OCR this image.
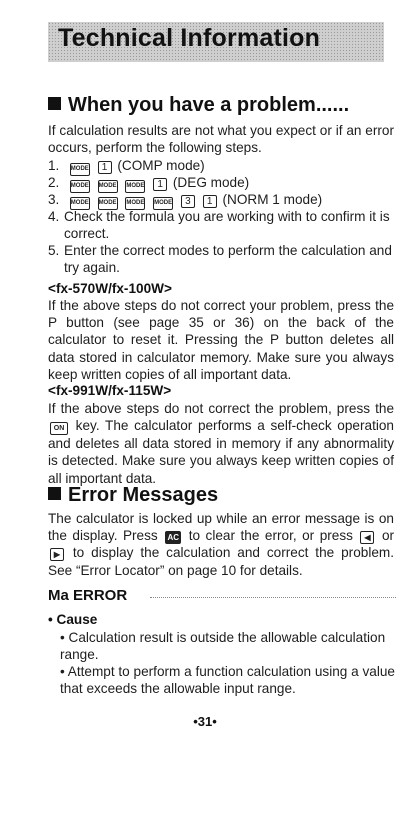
Technical Information
When you have a problem......
If calculation results are not what you expect or if an error occurs, perform the following steps.
1. MODE 1 (COMP mode)
2. MODE MODE MODE 1 (DEG mode)
3. MODE MODE MODE MODE 3 1 (NORM 1 mode)
4. Check the formula you are working with to confirm it is correct.
5. Enter the correct modes to perform the calculation and try again.
<fx-570W/fx-100W>
If the above steps do not correct your problem, press the P button (see page 35 or 36) on the back of the calculator to reset it. Pressing the P button deletes all data stored in calculator memory. Make sure you always keep written copies of all important data.
<fx-991W/fx-115W>
If the above steps do not correct the problem, press the ON key. The calculator performs a self-check operation and deletes all data stored in memory if any abnormality is detected. Make sure you always keep written copies of all important data.
Error Messages
The calculator is locked up while an error message is on the display. Press AC to clear the error, or press ◀ or ▶ to display the calculation and correct the problem. See “Error Locator” on page 10 for details.
Ma ERROR
• Cause
• Calculation result is outside the allowable calculation range.
• Attempt to perform a function calculation using a value that exceeds the allowable input range.
•31•
